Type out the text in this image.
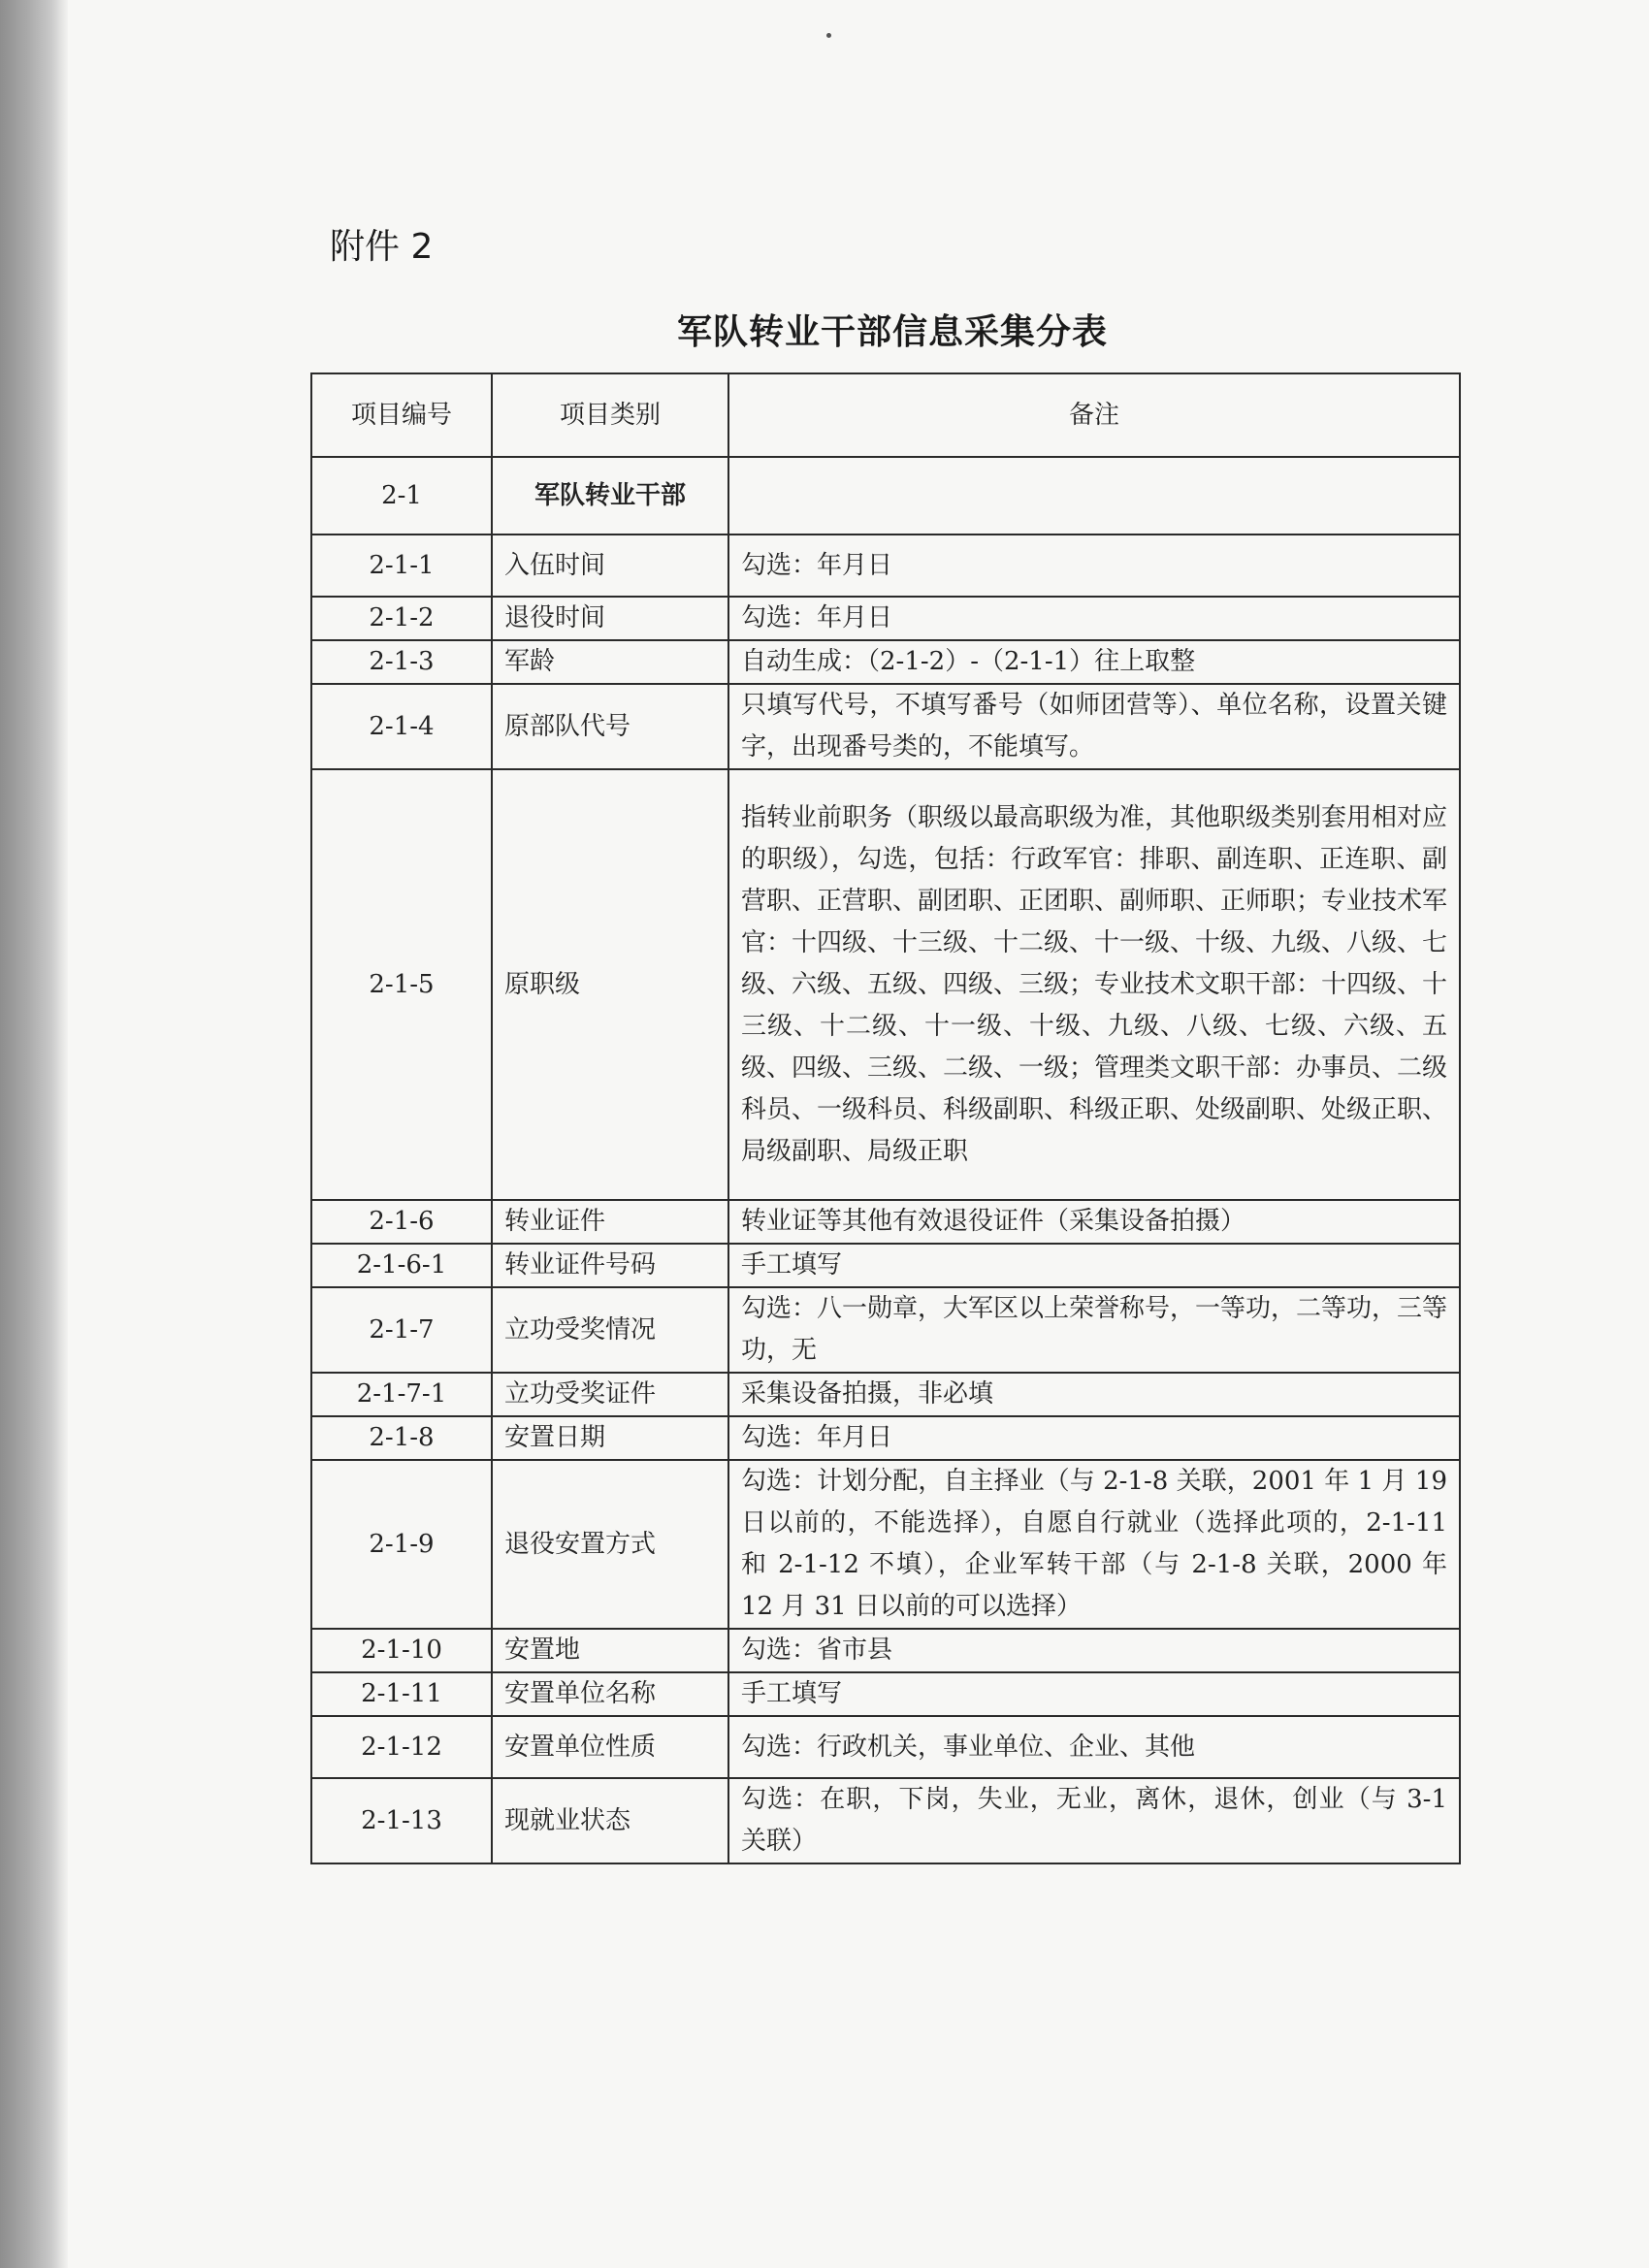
附件 2
军队转业干部信息采集分表
项目编号	项目类别	备注
2-1	军队转业干部	
2-1-1	入伍时间	勾选：年月日
2-1-2	退役时间	勾选：年月日
2-1-3	军龄	自动生成：（2-1-2）-（2-1-1）往上取整
2-1-4	原部队代号	只填写代号，不填写番号（如师团营等）、单位名称，设置关键字，出现番号类的，不能填写。
2-1-5	原职级	指转业前职务（职级以最高职级为准，其他职级类别套用相对应的职级），勾选，包括：行政军官：排职、副连职、正连职、副营职、正营职、副团职、正团职、副师职、正师职；专业技术军官：十四级、十三级、十二级、十一级、十级、九级、八级、七级、六级、五级、四级、三级；专业技术文职干部：十四级、十三级、十二级、十一级、十级、九级、八级、七级、六级、五级、四级、三级、二级、一级；管理类文职干部：办事员、二级科员、一级科员、科级副职、科级正职、处级副职、处级正职、局级副职、局级正职
2-1-6	转业证件	转业证等其他有效退役证件（采集设备拍摄）
2-1-6-1	转业证件号码	手工填写
2-1-7	立功受奖情况	勾选：八一勋章，大军区以上荣誉称号，一等功，二等功，三等功，无
2-1-7-1	立功受奖证件	采集设备拍摄，非必填
2-1-8	安置日期	勾选：年月日
2-1-9	退役安置方式	勾选：计划分配，自主择业（与 2-1-8 关联，2001 年 1 月 19 日以前的，不能选择），自愿自行就业（选择此项的，2-1-11 和 2-1-12 不填），企业军转干部（与 2-1-8 关联，2000 年 12 月 31 日以前的可以选择）
2-1-10	安置地	勾选：省市县
2-1-11	安置单位名称	手工填写
2-1-12	安置单位性质	勾选：行政机关，事业单位、企业、其他
2-1-13	现就业状态	勾选：在职，下岗，失业，无业，离休，退休，创业（与 3-1 关联）
